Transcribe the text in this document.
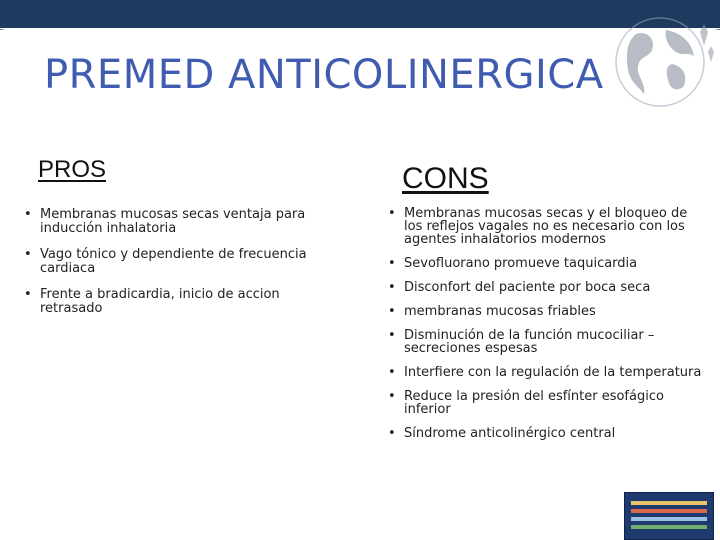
PREMED ANTICOLINERGICA
PROS
• Membranas mucosas secas ventaja para inducción inhalatoria
• Vago tónico y dependiente de frecuencia cardiaca
• Frente a bradicardia, inicio de accion retrasado
CONS
• Membranas mucosas secas y el bloqueo de los reflejos vagales no es necesario con los agentes inhalatorios modernos
• Sevofluorano promueve taquicardia
• Disconfort del paciente por boca seca
• membranas mucosas friables
• Disminución de la función mucociliar – secreciones espesas
• Interfiere con la regulación de la temperatura
• Reduce la presión del esfínter esofágico inferior
• Síndrome anticolinérgico central
